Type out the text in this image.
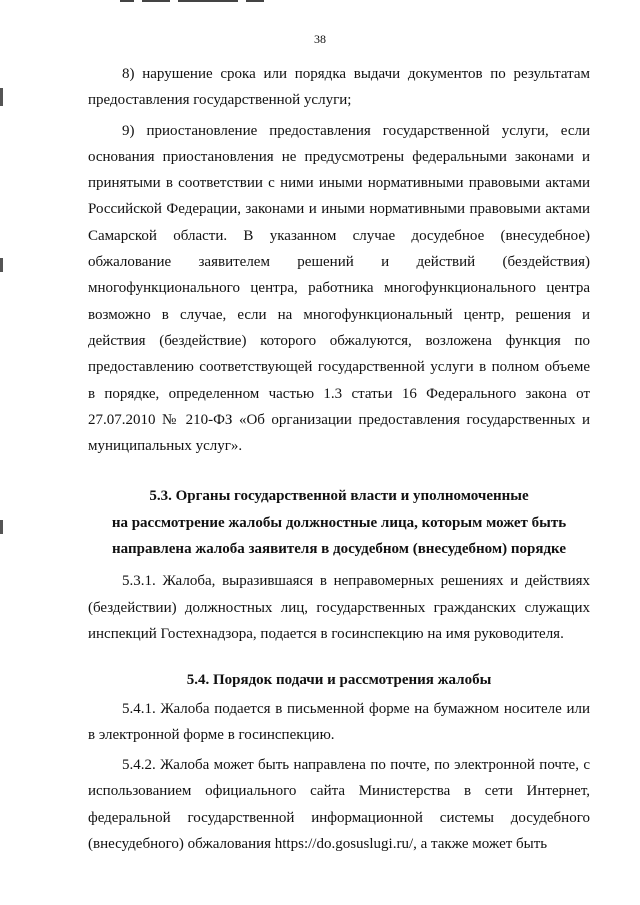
38

8) нарушение срока или порядка выдачи документов по результатам предоставления государственной услуги;

9) приостановление предоставления государственной услуги, если основания приостановления не предусмотрены федеральными законами и принятыми в соответствии с ними иными нормативными правовыми актами Российской Федерации, законами и иными нормативными правовыми актами Самарской области. В указанном случае досудебное (внесудебное) обжалование заявителем решений и действий (бездействия) многофункционального центра, работника многофункционального центра возможно в случае, если на многофункциональный центр, решения и действия (бездействие) которого обжалуются, возложена функция по предоставлению соответствующей государственной услуги в полном объеме в порядке, определенном частью 1.3 статьи 16 Федерального закона от 27.07.2010 № 210-ФЗ «Об организации предоставления государственных и муниципальных услуг».

5.3. Органы государственной власти и уполномоченные
на рассмотрение жалобы должностные лица, которым может быть
направлена жалоба заявителя в досудебном (внесудебном) порядке

5.3.1. Жалоба, выразившаяся в неправомерных решениях и действиях (бездействии) должностных лиц, государственных гражданских служащих инспекций Гостехнадзора, подается в госинспекцию на имя руководителя.

5.4. Порядок подачи и рассмотрения жалобы

5.4.1. Жалоба подается в письменной форме на бумажном носителе или в электронной форме в госинспекцию.

5.4.2. Жалоба может быть направлена по почте, по электронной почте, с использованием официального сайта Министерства в сети Интернет, федеральной государственной информационной системы досудебного (внесудебного) обжалования https://do.gosuslugi.ru/, а также может быть
